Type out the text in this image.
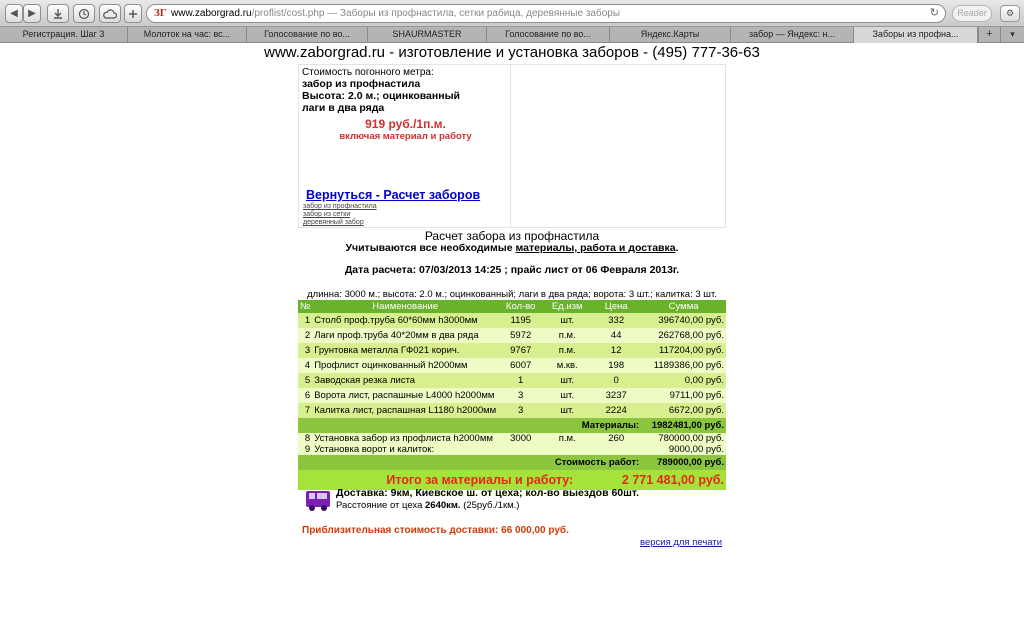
◀	▶	ЗГ www.zaborgrad.ru/proflist/cost.php — Заборы из профнастила, сетки рабица, деревянные заборы	↻	Reader	⚙
Регистрация. Шаг 3	Молоток на час: вс...	Голосование по во...	SHAURMASTER	Голосование по во...	Яндекс.Карты	забор — Яндекс: н...	Заборы из профна...	+	▾
www.zaborgrad.ru - изготовление и установка заборов - (495) 777-36-63
Стоимость погонного метра:
забор из профнастила
Высота: 2.0 м.; оцинкованный
лаги в два ряда
919 руб./1п.м.
включая материал и работу
Вернуться - Расчет заборов
забор из профнастила
забор из сетки
деревянный забор
Расчет забора из профнастила
Учитываются все необходимые материалы, работа и доставка.
Дата расчета: 07/03/2013 14:25 ; прайс лист от 06 Февраля 2013г.
длинна: 3000 м.; высота: 2.0 м.; оцинкованный; лаги в два ряда; ворота: 3 шт.; калитка: 3 шт.
№	Наименование	Кол-во	Ед.изм	Цена	Сумма
1	Столб проф.труба 60*60мм h3000мм	1195	шт.	332	396740,00 руб.
2	Лаги проф.труба 40*20мм в два ряда	5972	п.м.	44	262768,00 руб.
3	Грунтовка металла ГФ021 корич.	9767	п.м.	12	117204,00 руб.
4	Профлист оцинкованный h2000мм	6007	м.кв.	198	1189386,00 руб.
5	Заводская резка листа	1	шт.	0	0,00 руб.
6	Ворота лист, распашные L4000 h2000мм	3	шт.	3237	9711,00 руб.
7	Калитка лист, распашная L1180 h2000мм	3	шт.	2224	6672,00 руб.
Материалы:					1982481,00 руб.
8	Установка забор из профлиста h2000мм	3000	п.м.	260	780000,00 руб.
9	Установка ворот и калиток:				9000,00 руб.
Стоимость работ:					789000,00 руб.
Итого за материалы и работу:				2 771 481,00 руб.	
Доставка: 9км, Киевское ш. от цеха; кол-во выездов 60шт.
Расстояние от цеха 2640км. (25руб./1км.)
Приблизительная стоимость доставки: 66 000,00 руб.
версия для печати
